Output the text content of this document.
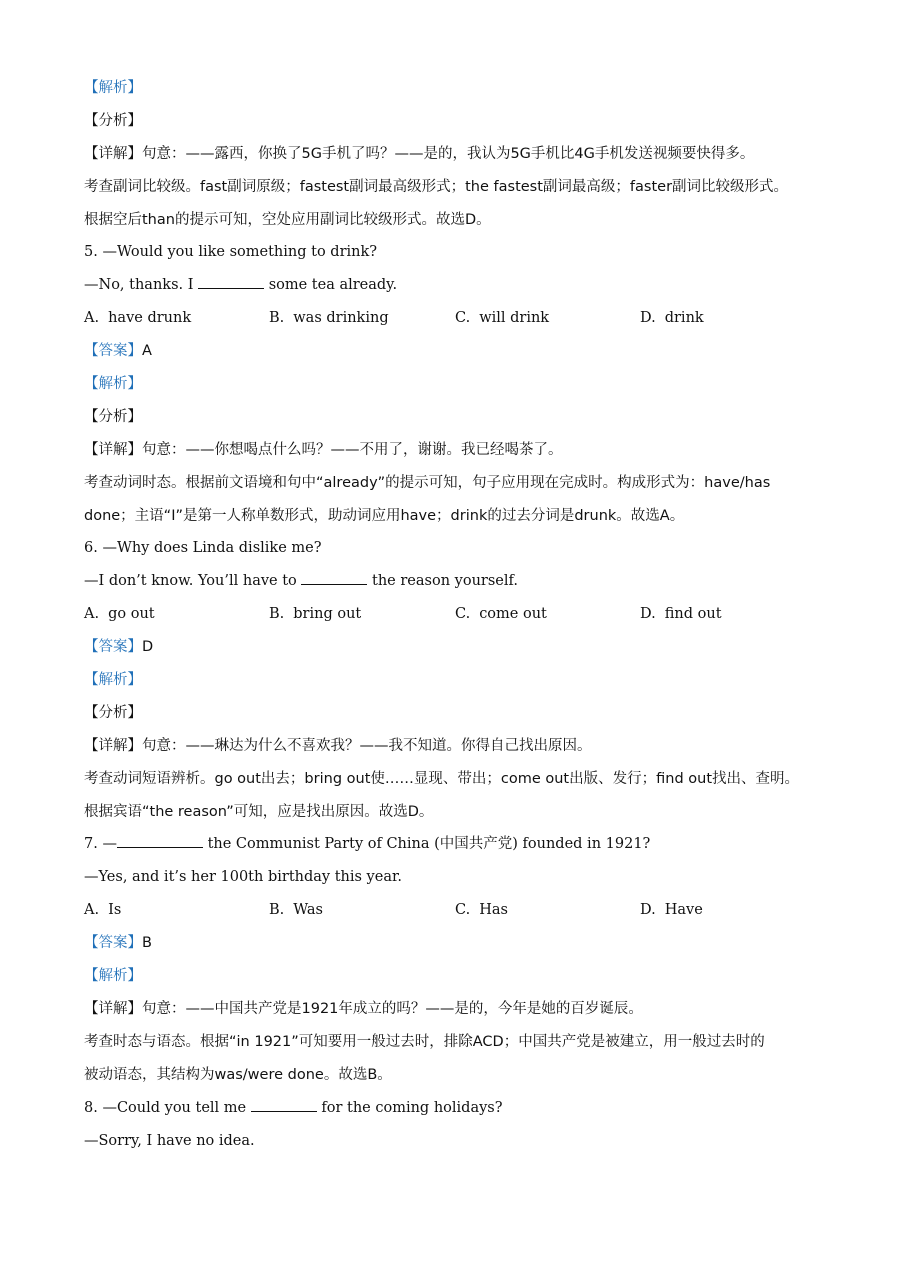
【解析】
【分析】
【详解】句意：——露西，你换了5G手机了吗？——是的，我认为5G手机比4G手机发送视频要快得多。
考查副词比较级。fast副词原级；fastest副词最高级形式；the fastest副词最高级；faster副词比较级形式。
根据空后than的提示可知，空处应用副词比较级形式。故选D。
5. —Would you like something to drink?
—No, thanks. I	some tea already.
A. have drunk	B. was drinking	C. will drink	D. drink
【答案】A
【解析】
【分析】
【详解】句意：——你想喝点什么吗？——不用了，谢谢。我已经喝茶了。
考查动词时态。根据前文语境和句中“already”的提示可知，句子应用现在完成时。构成形式为：have/has
done；主语“I”是第一人称单数形式，助动词应用have；drink的过去分词是drunk。故选A。
6. —Why does Linda dislike me?
—I don’t know. You’ll have to	the reason yourself.
A. go out	B. bring out	C. come out	D. find out
【答案】D
【解析】
【分析】
【详解】句意：——琳达为什么不喜欢我？——我不知道。你得自己找出原因。
考查动词短语辨析。go out出去；bring out使……显现、带出；come out出版、发行；find out找出、查明。
根据宾语“the reason”可知，应是找出原因。故选D。
7. —	the Communist Party of China (中国共产党) founded in 1921?
—Yes, and it’s her 100th birthday this year.
A. Is	B. Was	C. Has	D. Have
【答案】B
【解析】
【详解】句意：——中国共产党是1921年成立的吗？——是的，今年是她的百岁诞辰。
考查时态与语态。根据“in 1921”可知要用一般过去时，排除ACD；中国共产党是被建立，用一般过去时的
被动语态，其结构为was/were done。故选B。
8. —Could you tell me	for the coming holidays?
—Sorry, I have no idea.
